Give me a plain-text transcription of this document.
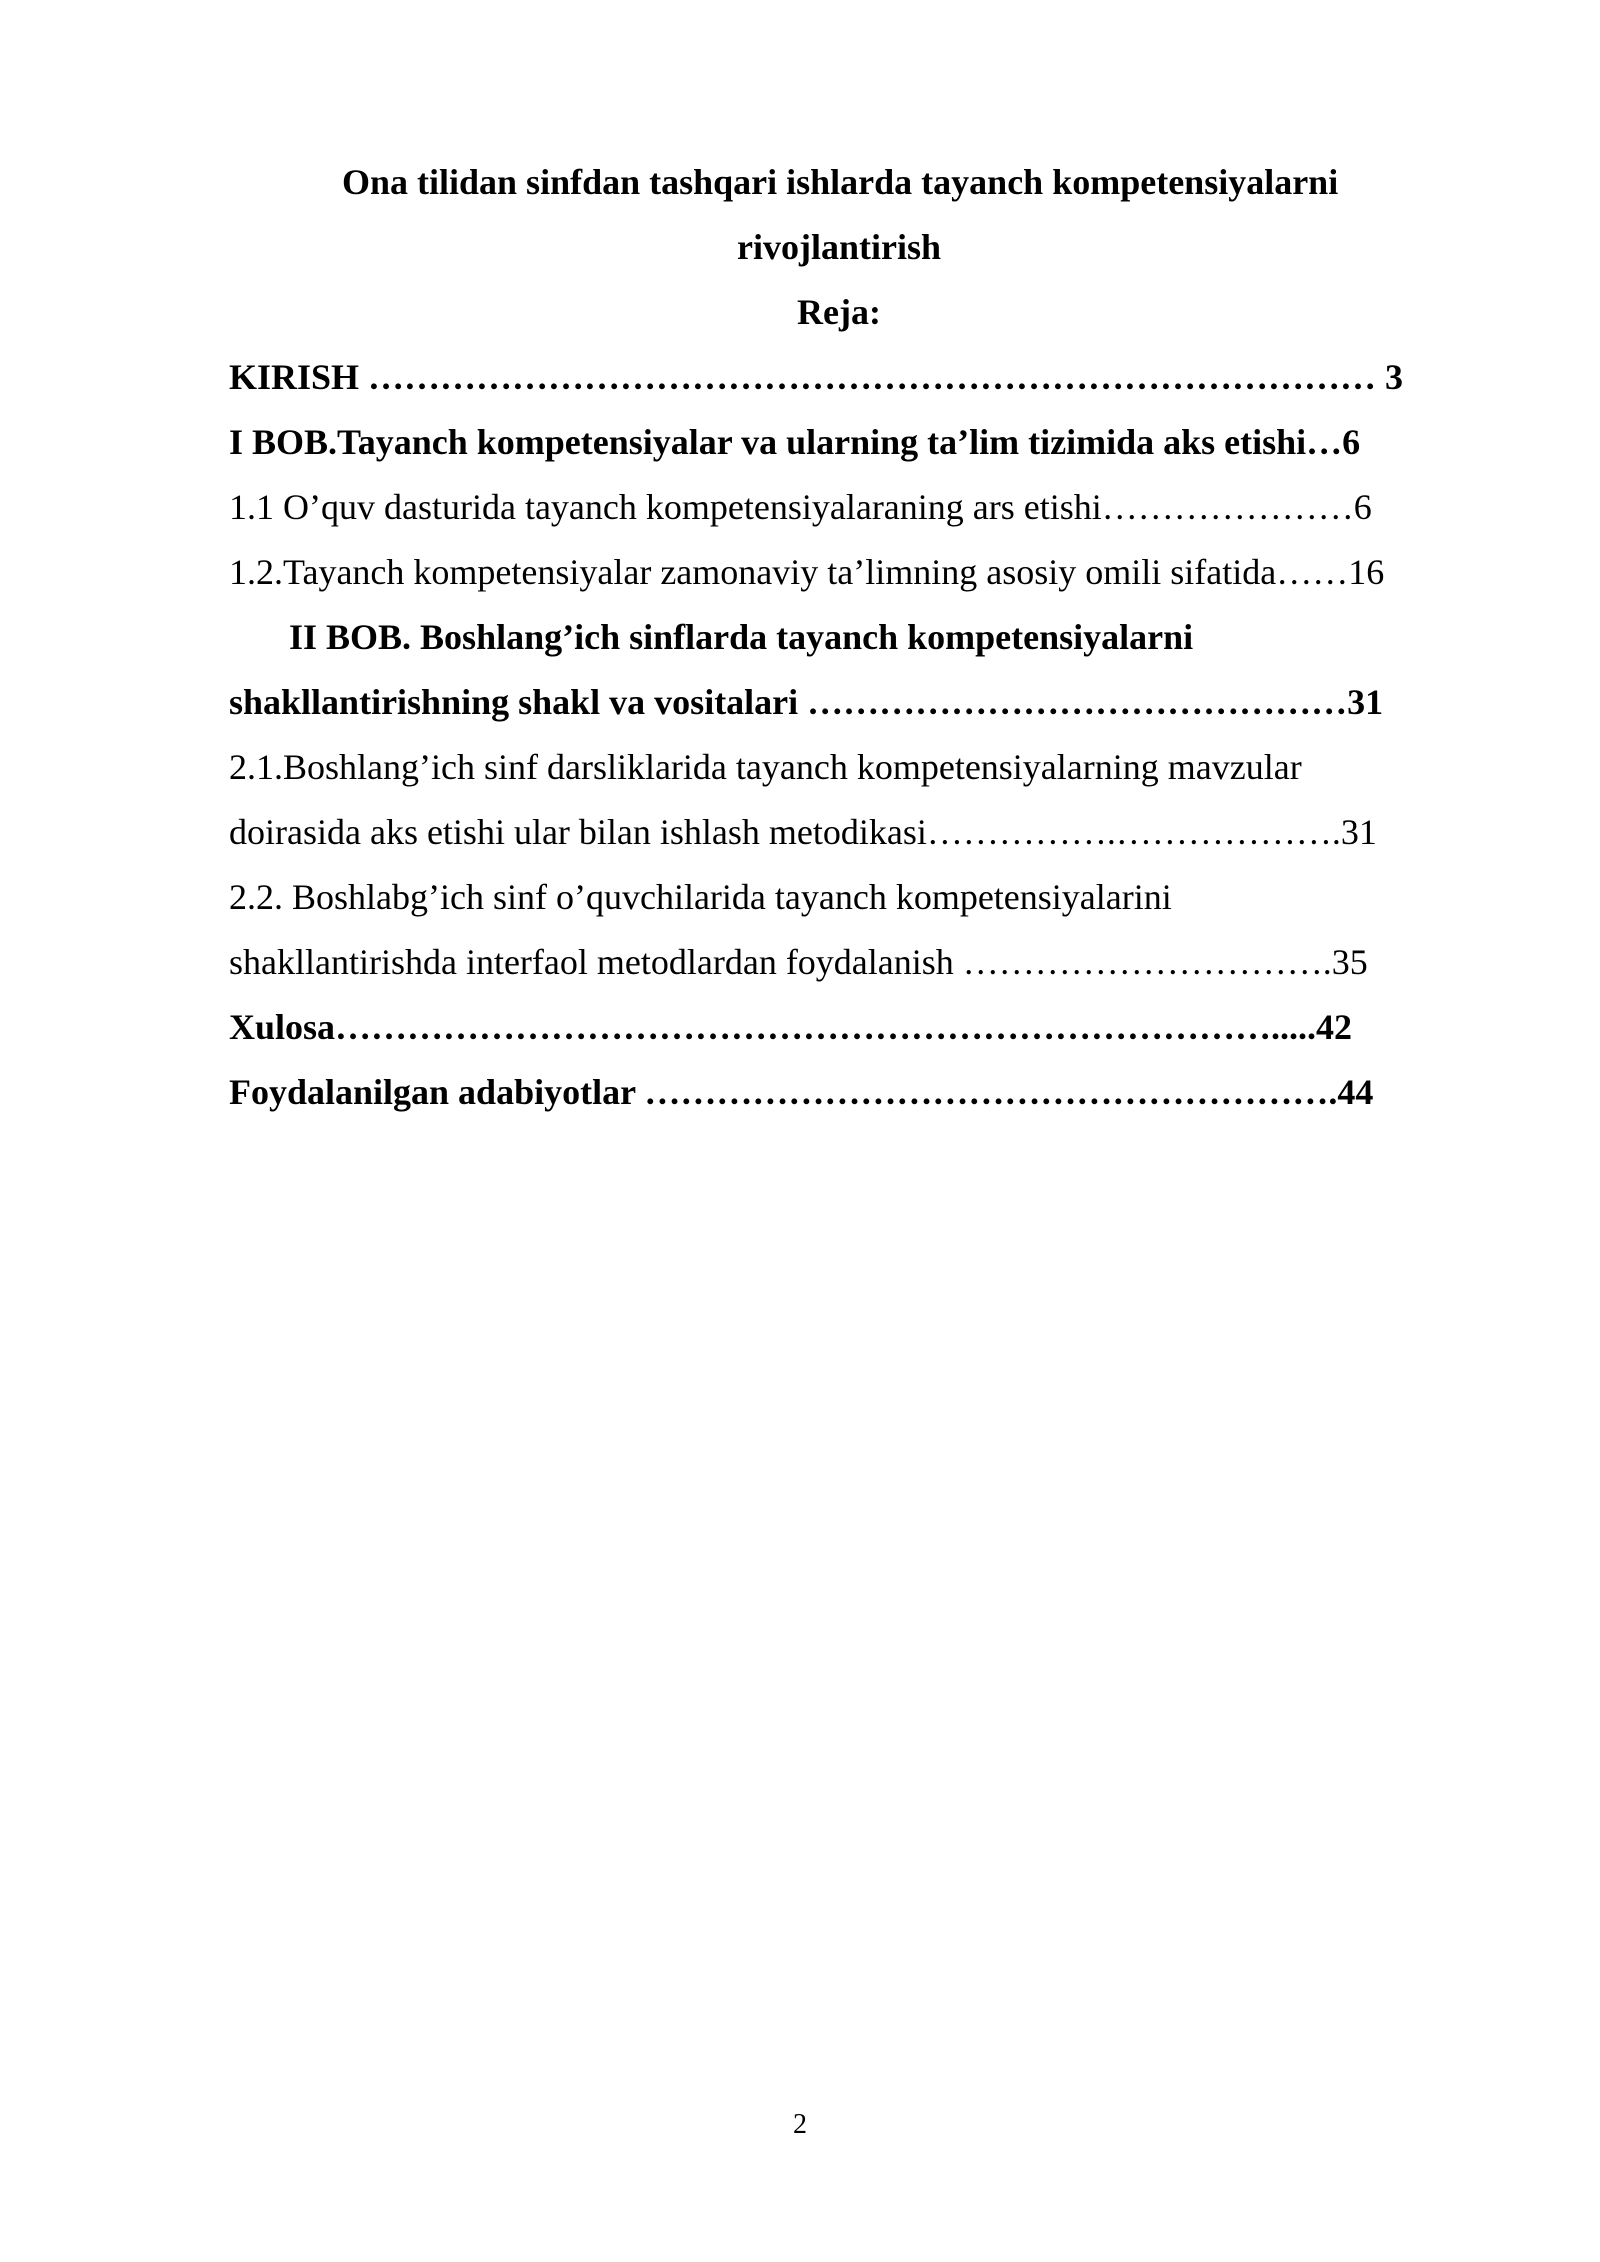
Ona tilidan sinfdan tashqari ishlarda tayanch kompetensiyalarni
rivojlantirish
Reja:
KIRISH ………………………………………………………………………… 3
I BOB.Tayanch kompetensiyalar va ularning ta’lim tizimida aks etishi…6
1.1 O’quv dasturida tayanch kompetensiyalaraning ars etishi…………………6
1.2.Tayanch kompetensiyalar zamonaviy ta’limning asosiy omili sifatida……16
II BOB. Boshlang’ich sinflarda tayanch kompetensiyalarni
shakllantirishning shakl va vositalari ………………………………………31
2.1.Boshlang’ich sinf darsliklarida tayanch kompetensiyalarning mavzular
doirasida aks etishi ular bilan ishlash metodikasi…………….……………….31
2.2. Boshlabg’ich sinf o’quvchilarida tayanch kompetensiyalarini
shakllantirishda interfaol metodlardan foydalanish ………………………….35
Xulosa…………………………………………………………………….....42
Foydalanilgan adabiyotlar ………………………………………………….44
2
